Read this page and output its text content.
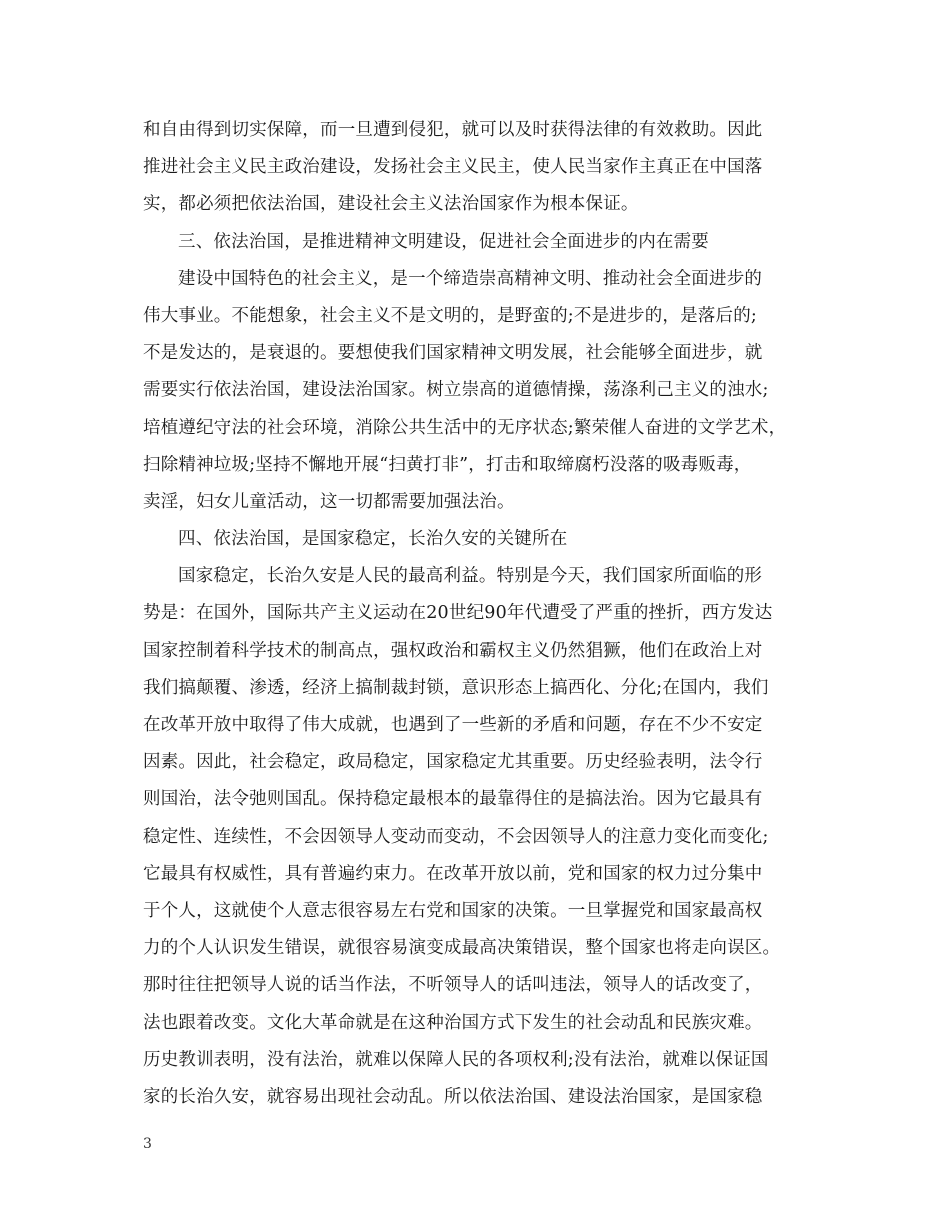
和自由得到切实保障，而一旦遭到侵犯，就可以及时获得法律的有效救助。因此
推进社会主义民主政治建设，发扬社会主义民主，使人民当家作主真正在中国落
实，都必须把依法治国，建设社会主义法治国家作为根本保证。
三、依法治国，是推进精神文明建设，促进社会全面进步的内在需要
建设中国特色的社会主义，是一个缔造崇高精神文明、推动社会全面进步的
伟大事业。不能想象，社会主义不是文明的，是野蛮的;不是进步的，是落后的;
不是发达的，是衰退的。要想使我们国家精神文明发展，社会能够全面进步，就
需要实行依法治国，建设法治国家。树立崇高的道德情操，荡涤利己主义的浊水;
培植遵纪守法的社会环境，消除公共生活中的无序状态;繁荣催人奋进的文学艺术，
扫除精神垃圾;坚持不懈地开展“扫黄打非”，打击和取缔腐朽没落的吸毒贩毒，
卖淫，妇女儿童活动，这一切都需要加强法治。
四、依法治国，是国家稳定，长治久安的关键所在
国家稳定，长治久安是人民的最高利益。特别是今天，我们国家所面临的形
势是：在国外，国际共产主义运动在20世纪90年代遭受了严重的挫折，西方发达
国家控制着科学技术的制高点，强权政治和霸权主义仍然猖獗，他们在政治上对
我们搞颠覆、渗透，经济上搞制裁封锁，意识形态上搞西化、分化;在国内，我们
在改革开放中取得了伟大成就，也遇到了一些新的矛盾和问题，存在不少不安定
因素。因此，社会稳定，政局稳定，国家稳定尤其重要。历史经验表明，法令行
则国治，法令弛则国乱。保持稳定最根本的最靠得住的是搞法治。因为它最具有
稳定性、连续性，不会因领导人变动而变动，不会因领导人的注意力变化而变化;
它最具有权威性，具有普遍约束力。在改革开放以前，党和国家的权力过分集中
于个人，这就使个人意志很容易左右党和国家的决策。一旦掌握党和国家最高权
力的个人认识发生错误，就很容易演变成最高决策错误，整个国家也将走向误区。
那时往往把领导人说的话当作法，不听领导人的话叫违法，领导人的话改变了，
法也跟着改变。文化大革命就是在这种治国方式下发生的社会动乱和民族灾难。
历史教训表明，没有法治，就难以保障人民的各项权利;没有法治，就难以保证国
家的长治久安，就容易出现社会动乱。所以依法治国、建设法治国家，是国家稳
3
